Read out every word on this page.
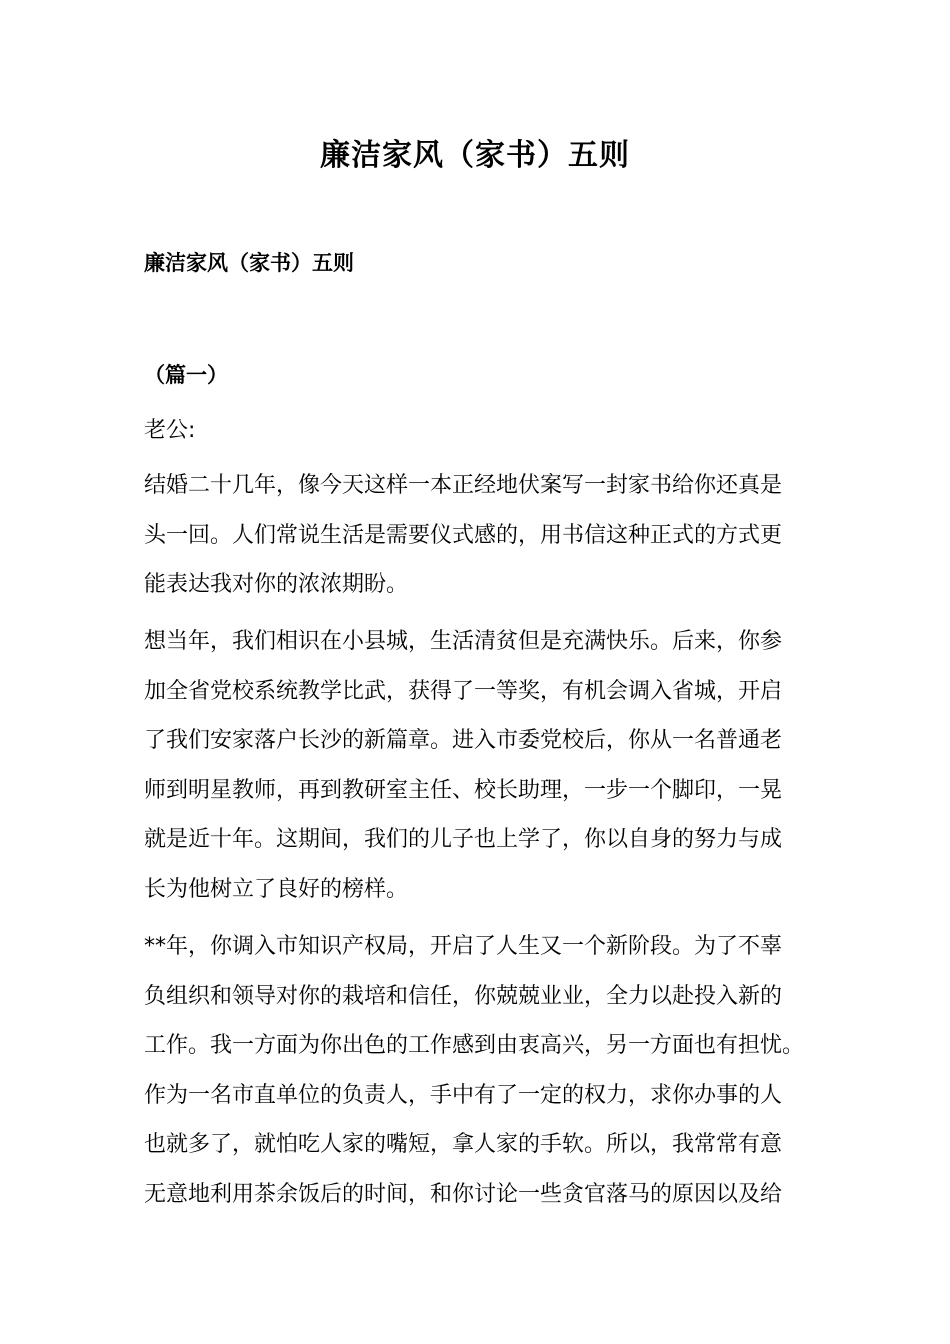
廉洁家风（家书）五则
廉洁家风（家书）五则
（篇一）

老公:

结婚二十几年，像今天这样一本正经地伏案写一封家书给你还真是
头一回。人们常说生活是需要仪式感的，用书信这种正式的方式更
能表达我对你的浓浓期盼。

想当年，我们相识在小县城，生活清贫但是充满快乐。后来，你参
加全省党校系统教学比武，获得了一等奖，有机会调入省城，开启
了我们安家落户长沙的新篇章。进入市委党校后，你从一名普通老
师到明星教师，再到教研室主任、校长助理，一步一个脚印，一晃
就是近十年。这期间，我们的儿子也上学了，你以自身的努力与成
长为他树立了良好的榜样。

**年，你调入市知识产权局，开启了人生又一个新阶段。为了不辜
负组织和领导对你的栽培和信任，你兢兢业业，全力以赴投入新的
工作。我一方面为你出色的工作感到由衷高兴，另一方面也有担忧。
作为一名市直单位的负责人，手中有了一定的权力，求你办事的人
也就多了，就怕吃人家的嘴短，拿人家的手软。所以，我常常有意
无意地利用茶余饭后的时间，和你讨论一些贪官落马的原因以及给
